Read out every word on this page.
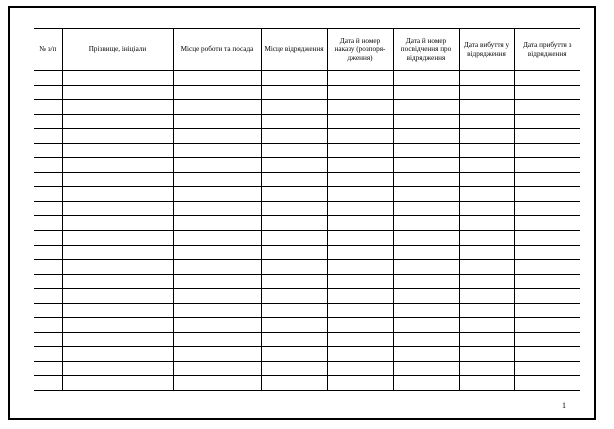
№ з/п	Прізвище, ініціали	Місце роботи та посада	Місце відрядження	Дата й номер наказу (розпоря-дження)	Дата й номер посвідчення про відрядження	Дата вибуття у відрядження	Дата прибуття з відрядження

1
